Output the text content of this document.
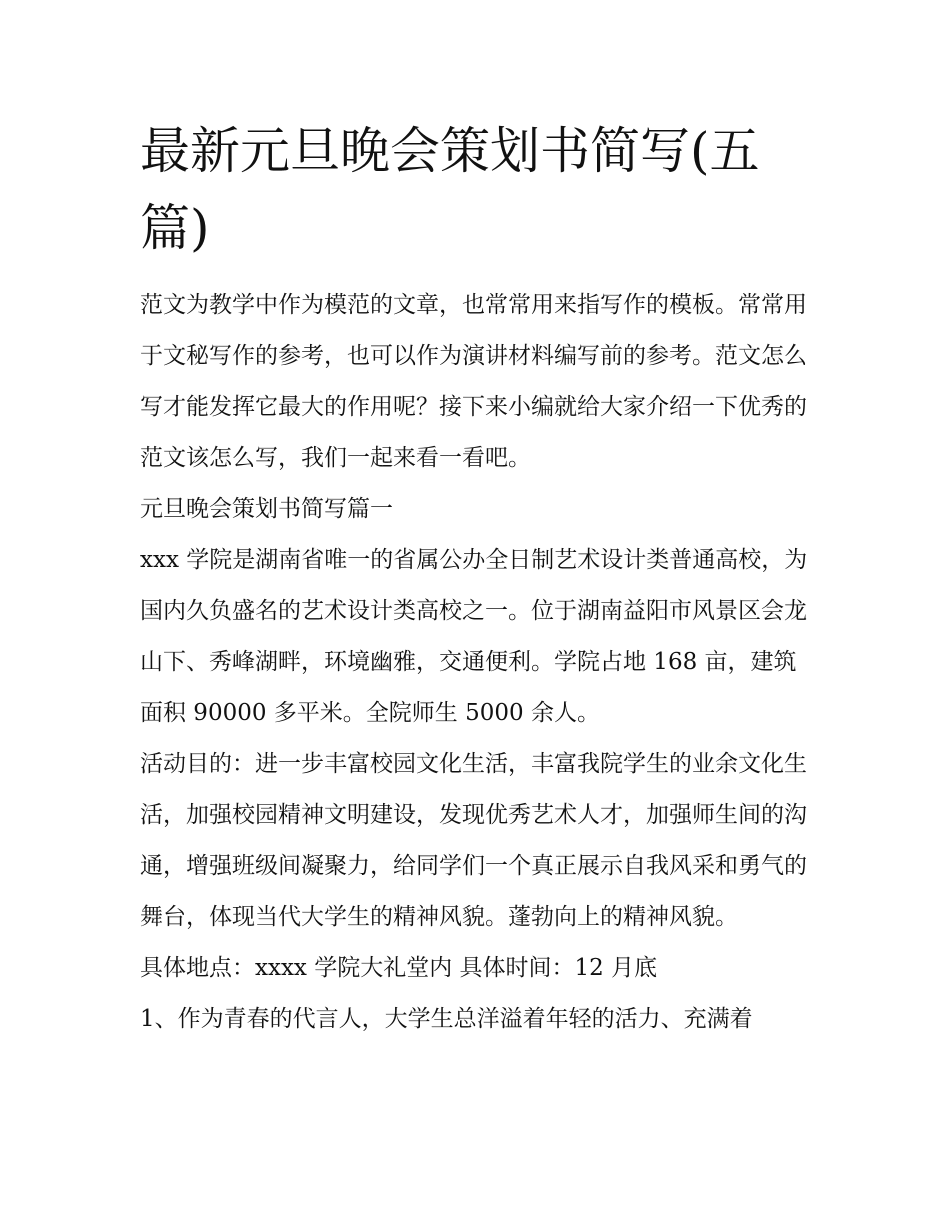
最新元旦晚会策划书简写(五篇)

范文为教学中作为模范的文章，也常常用来指写作的模板。常常用于文秘写作的参考，也可以作为演讲材料编写前的参考。范文怎么写才能发挥它最大的作用呢？接下来小编就给大家介绍一下优秀的范文该怎么写，我们一起来看一看吧。

元旦晚会策划书简写篇一

xxx 学院是湖南省唯一的省属公办全日制艺术设计类普通高校，为国内久负盛名的艺术设计类高校之一。位于湖南益阳市风景区会龙山下、秀峰湖畔，环境幽雅，交通便利。学院占地 168 亩，建筑面积 90000 多平米。全院师生 5000 余人。

活动目的：进一步丰富校园文化生活，丰富我院学生的业余文化生活，加强校园精神文明建设，发现优秀艺术人才，加强师生间的沟通，增强班级间凝聚力，给同学们一个真正展示自我风采和勇气的舞台，体现当代大学生的精神风貌。蓬勃向上的精神风貌。

具体地点：xxxx 学院大礼堂内 具体时间：12 月底

1、作为青春的代言人，大学生总洋溢着年轻的活力、充满着
